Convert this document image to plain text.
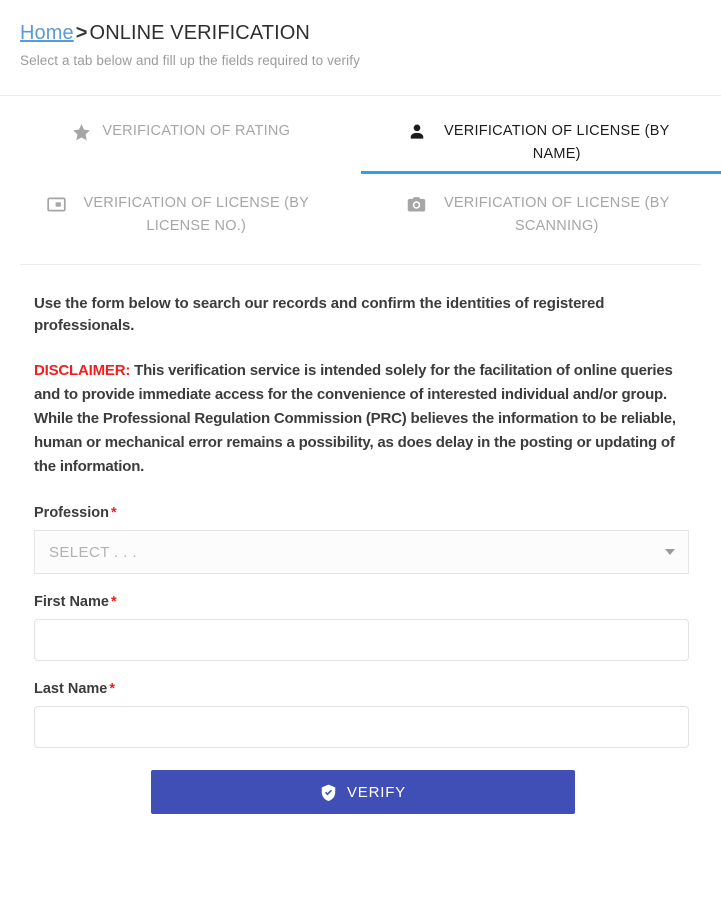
Home > ONLINE VERIFICATION
Select a tab below and fill up the fields required to verify
VERIFICATION OF RATING	VERIFICATION OF LICENSE (BY NAME)
VERIFICATION OF LICENSE (BY LICENSE NO.)
VERIFICATION OF LICENSE (BY SCANNING)

Use the form below to search our records and confirm the identities of registered professionals.

DISCLAIMER: This verification service is intended solely for the facilitation of online queries and to provide immediate access for the convenience of interested individual and/or group. While the Professional Regulation Commission (PRC) believes the information to be reliable, human or mechanical error remains a possibility, as does delay in the posting or updating of the information.

Profession *
SELECT . . .
First Name *
Last Name *
VERIFY
